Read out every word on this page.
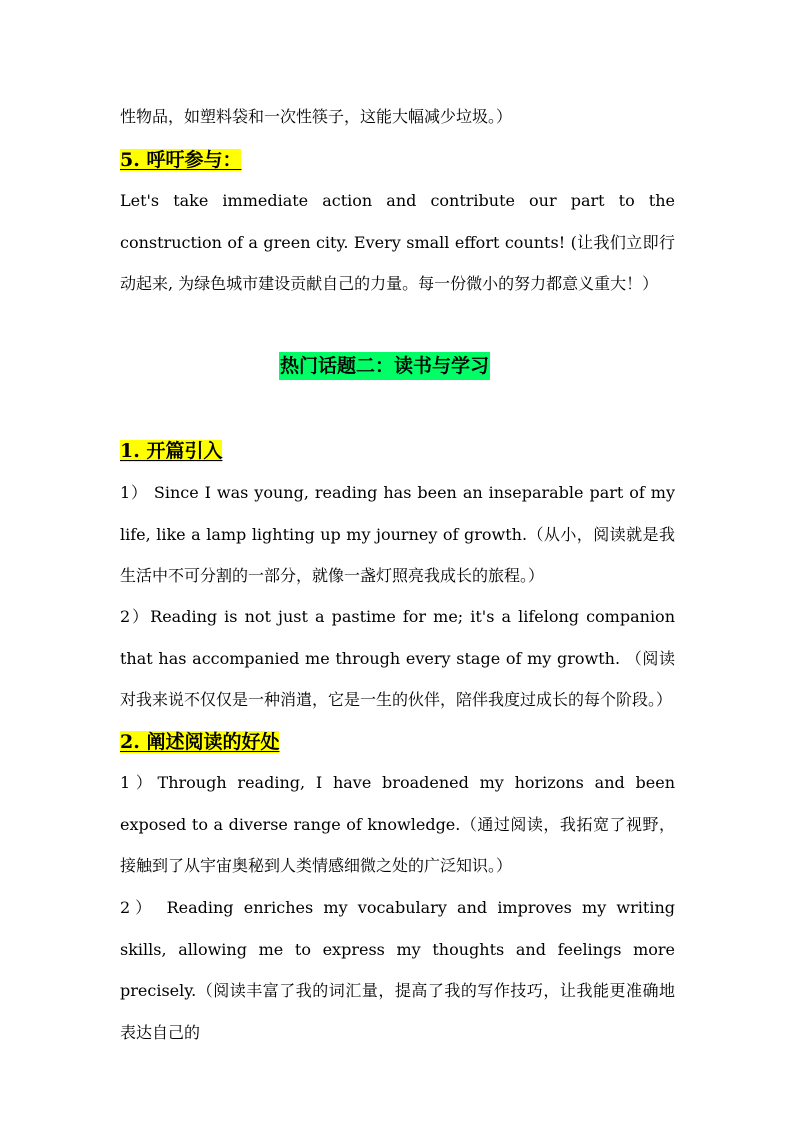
性物品，如塑料袋和一次性筷子，这能大幅减少垃圾。）
5. 呼吁参与：
Let's take immediate action and contribute our part to the construction of a green city. Every small effort counts! (让我们立即行动起来, 为绿色城市建设贡献自己的力量。每一份微小的努力都意义重大！）
热门话题二：读书与学习
1. 开篇引入
1） Since I was young, reading has been an inseparable part of my life, like a lamp lighting up my journey of growth.（从小，阅读就是我生活中不可分割的一部分，就像一盏灯照亮我成长的旅程。）
2）Reading is not just a pastime for me; it's a lifelong companion that has accompanied me through every stage of my growth. （阅读对我来说不仅仅是一种消遣，它是一生的伙伴，陪伴我度过成长的每个阶段。）
2. 阐述阅读的好处
1）Through reading, I have broadened my horizons and been exposed to a diverse range of knowledge.（通过阅读，我拓宽了视野，接触到了从宇宙奥秘到人类情感细微之处的广泛知识。）
2） Reading enriches my vocabulary and improves my writing skills, allowing me to express my thoughts and feelings more precisely.（阅读丰富了我的词汇量，提高了我的写作技巧，让我能更准确地表达自己的
